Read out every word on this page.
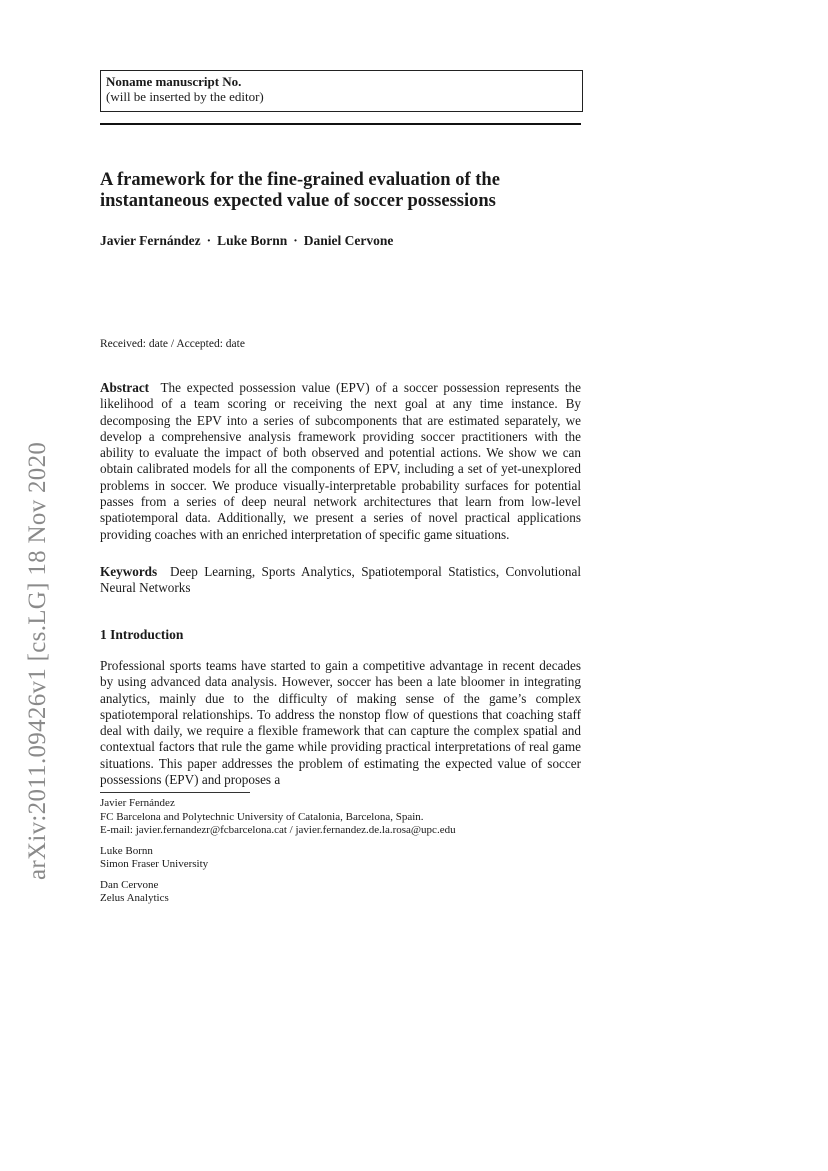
arXiv:2011.09426v1 [cs.LG] 18 Nov 2020
Noname manuscript No.
(will be inserted by the editor)
A framework for the fine-grained evaluation of the instantaneous expected value of soccer possessions
Javier Fernández · Luke Bornn · Daniel Cervone
Received: date / Accepted: date
Abstract The expected possession value (EPV) of a soccer possession represents the likelihood of a team scoring or receiving the next goal at any time instance. By decomposing the EPV into a series of subcomponents that are estimated separately, we develop a comprehensive analysis framework providing soccer practitioners with the ability to evaluate the impact of both observed and potential actions. We show we can obtain calibrated models for all the components of EPV, including a set of yet-unexplored problems in soccer. We produce visually-interpretable probability surfaces for potential passes from a series of deep neural network architectures that learn from low-level spatiotemporal data. Additionally, we present a series of novel practical applications providing coaches with an enriched interpretation of specific game situations.
Keywords Deep Learning, Sports Analytics, Spatiotemporal Statistics, Convolutional Neural Networks
1 Introduction
Professional sports teams have started to gain a competitive advantage in recent decades by using advanced data analysis. However, soccer has been a late bloomer in integrating analytics, mainly due to the difficulty of making sense of the game’s complex spatiotemporal relationships. To address the nonstop flow of questions that coaching staff deal with daily, we require a flexible framework that can capture the complex spatial and contextual factors that rule the game while providing practical interpretations of real game situations. This paper addresses the problem of estimating the expected value of soccer possessions (EPV) and proposes a
Javier Fernández
FC Barcelona and Polytechnic University of Catalonia, Barcelona, Spain.
E-mail: javier.fernandezr@fcbarcelona.cat / javier.fernandez.de.la.rosa@upc.edu
Luke Bornn
Simon Fraser University
Dan Cervone
Zelus Analytics
